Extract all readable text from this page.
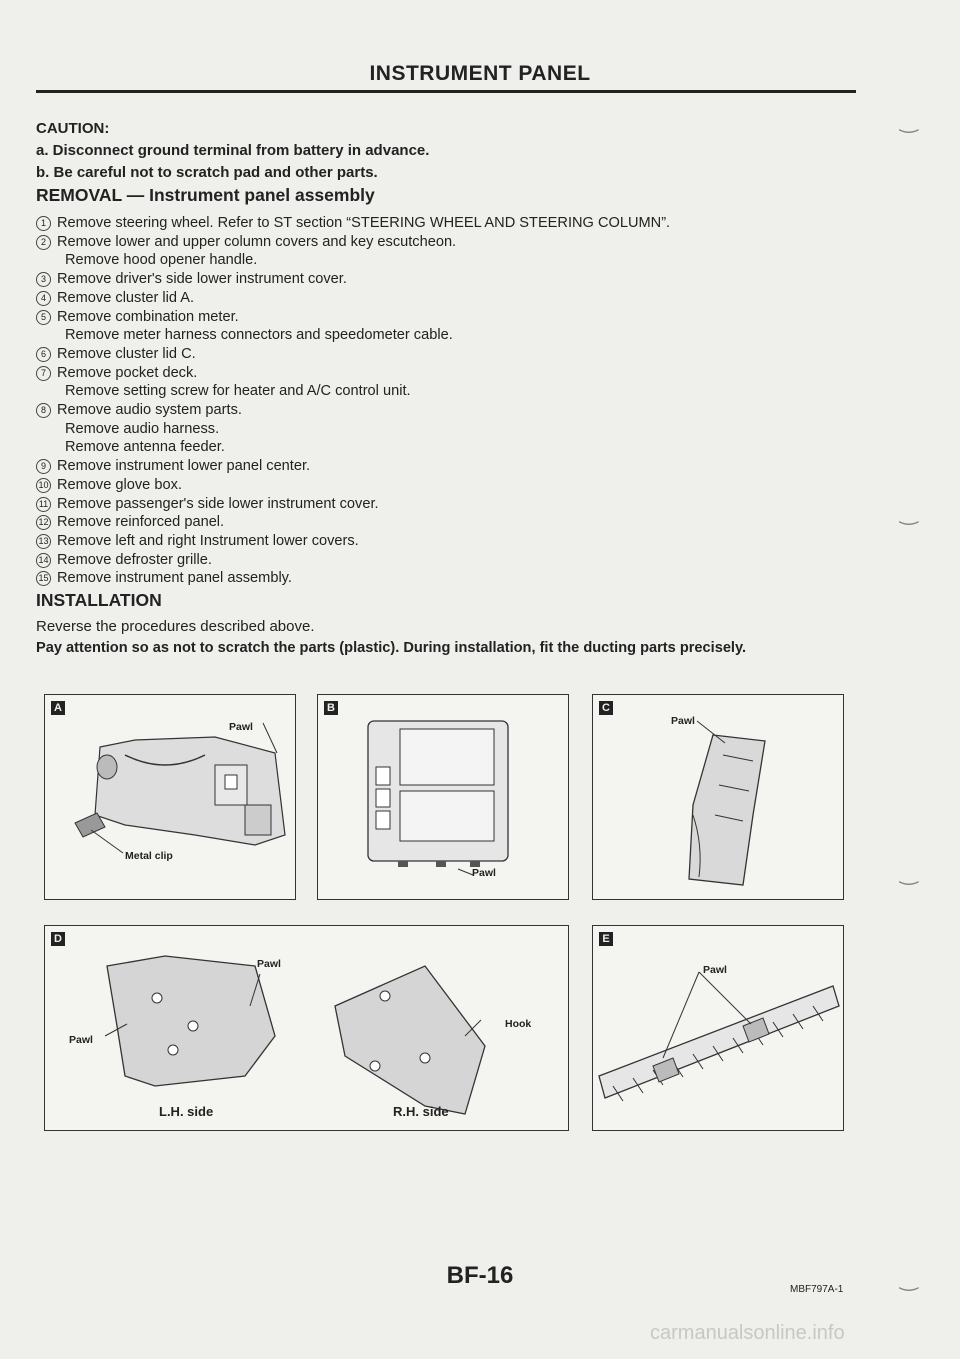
INSTRUMENT PANEL
CAUTION:
a. Disconnect ground terminal from battery in advance.
b. Be careful not to scratch pad and other parts.
REMOVAL — Instrument panel assembly
1 Remove steering wheel. Refer to ST section “STEERING WHEEL AND STEERING COLUMN”.
2 Remove lower and upper column covers and key escutcheon.
Remove hood opener handle.
3 Remove driver's side lower instrument cover.
4 Remove cluster lid A.
5 Remove combination meter.
Remove meter harness connectors and speedometer cable.
6 Remove cluster lid C.
7 Remove pocket deck.
Remove setting screw for heater and A/C control unit.
8 Remove audio system parts.
Remove audio harness.
Remove antenna feeder.
9 Remove instrument lower panel center.
10 Remove glove box.
11 Remove passenger's side lower instrument cover.
12 Remove reinforced panel.
13 Remove left and right Instrument lower covers.
14 Remove defroster grille.
15 Remove instrument panel assembly.
INSTALLATION
Reverse the procedures described above.
Pay attention so as not to scratch the parts (plastic). During installation, fit the ducting parts precisely.
A
Pawl
Metal clip
B
Pawl
C
Pawl
D
Pawl
Pawl
Hook
L.H. side	R.H. side
E
Pawl
MBF797A-1
BF-16
carmanualsonline.info
‿
‿
‿
‿
